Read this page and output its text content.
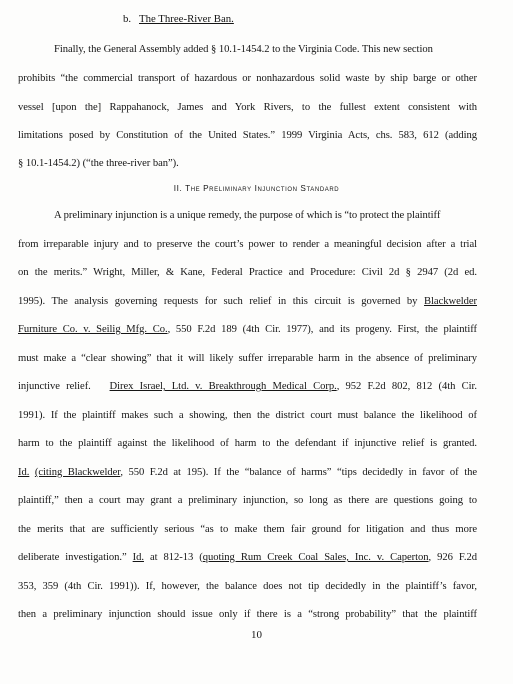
b. The Three-River Ban.
Finally, the General Assembly added § 10.1-1454.2 to the Virginia Code. This new section
prohibits “the commercial transport of hazardous or nonhazardous solid waste by ship barge or other
vessel [upon the] Rappahanock, James and York Rivers, to the fullest extent consistent with
limitations posed by Constitution of the United States.” 1999 Virginia Acts, chs. 583, 612 (adding
§ 10.1-1454.2) (“the three-river ban”).
II. The Preliminary Injunction Standard
A preliminary injunction is a unique remedy, the purpose of which is “to protect the plaintiff
from irreparable injury and to preserve the court’s power to render a meaningful decision after a trial
on the merits.” Wright, Miller, & Kane, Federal Practice and Procedure: Civil 2d § 2947 (2d ed.
1995). The analysis governing requests for such relief in this circuit is governed by Blackwelder
Furniture Co. v. Seilig Mfg. Co., 550 F.2d 189 (4th Cir. 1977), and its progeny. First, the plaintiff
must make a “clear showing” that it will likely suffer irreparable harm in the absence of preliminary
injunctive relief. Direx Israel, Ltd. v. Breakthrough Medical Corp., 952 F.2d 802, 812 (4th Cir.
1991). If the plaintiff makes such a showing, then the district court must balance the likelihood of
harm to the plaintiff against the likelihood of harm to the defendant if injunctive relief is granted.
Id. (citing Blackwelder, 550 F.2d at 195). If the “balance of harms” “tips decidedly in favor of the
plaintiff,” then a court may grant a preliminary injunction, so long as there are questions going to
the merits that are sufficiently serious “as to make them fair ground for litigation and thus more
deliberate investigation.” Id. at 812-13 (quoting Rum Creek Coal Sales, Inc. v. Caperton, 926 F.2d
353, 359 (4th Cir. 1991)). If, however, the balance does not tip decidedly in the plaintiff’s favor,
then a preliminary injunction should issue only if there is a “strong probability” that the plaintiff
10
